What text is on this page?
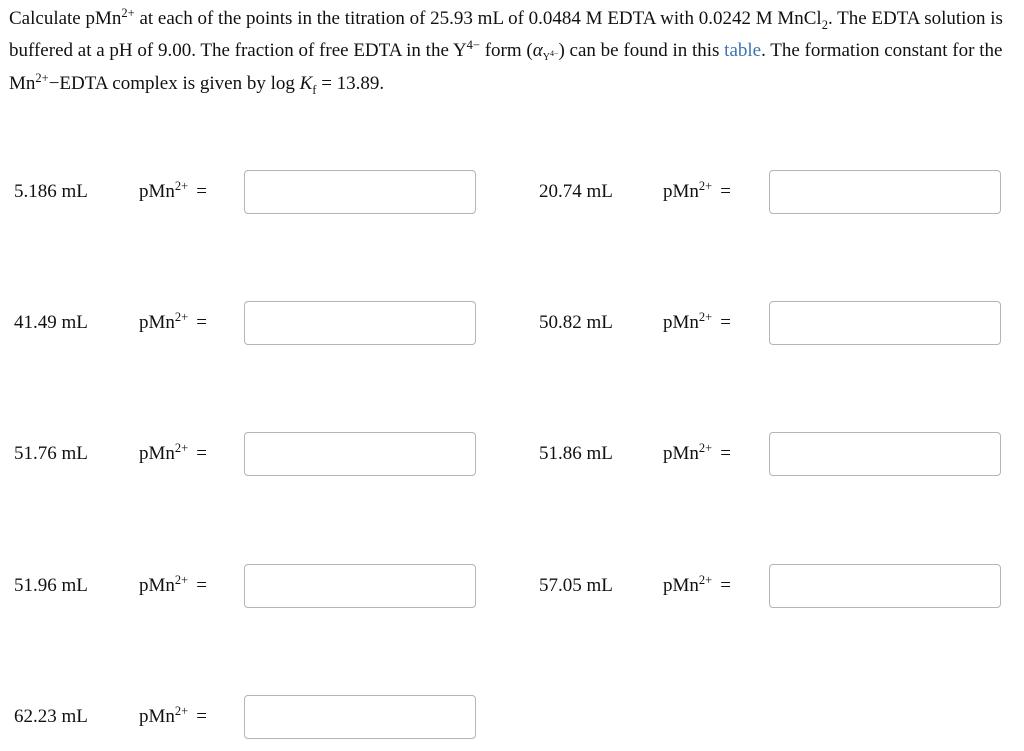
Calculate pMn$^{2+}$ at each of the points in the titration of 25.93 mL of 0.0484 M EDTA with 0.0242 M MnCl$_2$. The EDTA solution is buffered at a pH of 9.00. The fraction of free EDTA in the $Y^{4-}$ form $(\alpha_{Y^{4-}})$ can be found in this table. The formation constant for the $Mn^{2+}-EDTA$ complex is given by $\log K_f = 13.89$.
5.186 mL	pMn$^{2+}$ =	20.74 mL	pMn$^{2+}$ =
41.49 mL	pMn$^{2+}$ =	50.82 mL	pMn$^{2+}$ =
51.76 mL	pMn$^{2+}$ =	51.86 mL	pMn$^{2+}$ =
51.96 mL	pMn$^{2+}$ =	57.05 mL	pMn$^{2+}$ =
62.23 mL	pMn$^{2+}$ =
